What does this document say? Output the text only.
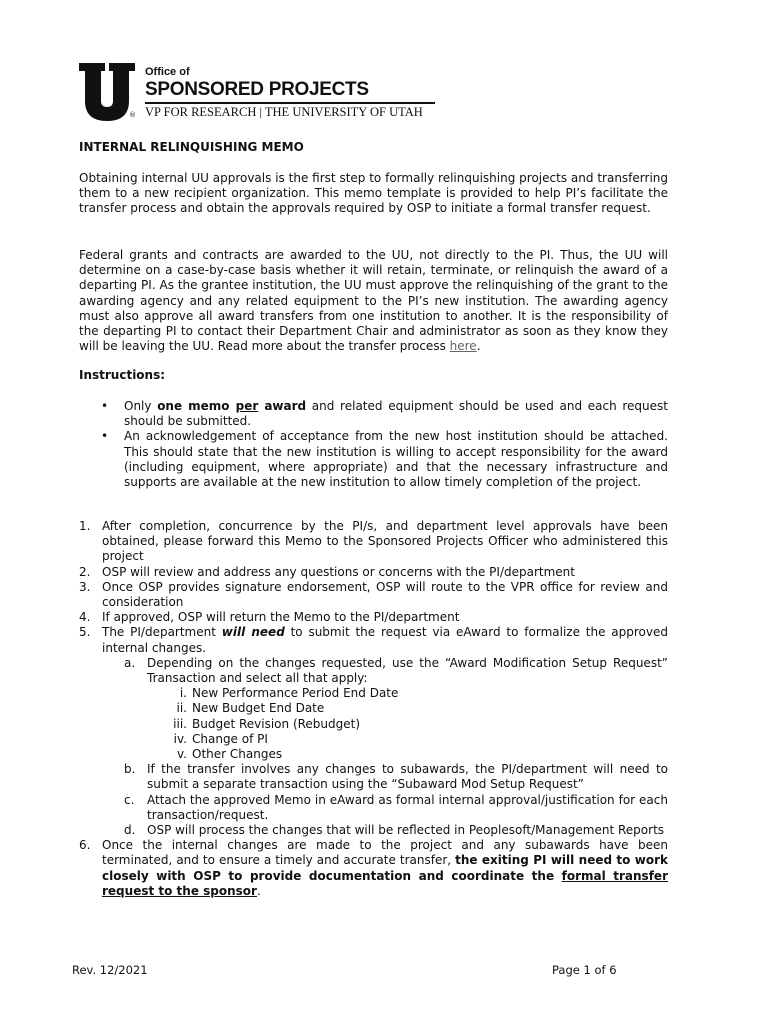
®
Office of
SPONSORED PROJECTS
VP FOR RESEARCH | THE UNIVERSITY OF UTAH
INTERNAL RELINQUISHING MEMO
Obtaining internal UU approvals is the first step to formally relinquishing projects and transferring them to a new recipient organization. This memo template is provided to help PI’s facilitate the transfer process and obtain the approvals required by OSP to initiate a formal transfer request.
Federal grants and contracts are awarded to the UU, not directly to the PI. Thus, the UU will determine on a case-by-case basis whether it will retain, terminate, or relinquish the award of a departing PI. As the grantee institution, the UU must approve the relinquishing of the grant to the awarding agency and any related equipment to the PI’s new institution. The awarding agency must also approve all award transfers from one institution to another. It is the responsibility of the departing PI to contact their Department Chair and administrator as soon as they know they will be leaving the UU. Read more about the transfer process here.
Instructions:
• Only one memo per award and related equipment should be used and each request should be submitted.
• An acknowledgement of acceptance from the new host institution should be attached. This should state that the new institution is willing to accept responsibility for the award (including equipment, where appropriate) and that the necessary infrastructure and supports are available at the new institution to allow timely completion of the project.
1. After completion, concurrence by the PI/s, and department level approvals have been obtained, please forward this Memo to the Sponsored Projects Officer who administered this project
2. OSP will review and address any questions or concerns with the PI/department
3. Once OSP provides signature endorsement, OSP will route to the VPR office for review and consideration
4. If approved, OSP will return the Memo to the PI/department
5. The PI/department will need to submit the request via eAward to formalize the approved internal changes.
a. Depending on the changes requested, use the “Award Modification Setup Request” Transaction and select all that apply:
i. New Performance Period End Date
ii. New Budget End Date
iii. Budget Revision (Rebudget)
iv. Change of PI
v. Other Changes
b. If the transfer involves any changes to subawards, the PI/department will need to submit a separate transaction using the “Subaward Mod Setup Request”
c. Attach the approved Memo in eAward as formal internal approval/justification for each transaction/request.
d. OSP will process the changes that will be reflected in Peoplesoft/Management Reports
6. Once the internal changes are made to the project and any subawards have been terminated, and to ensure a timely and accurate transfer, the exiting PI will need to work closely with OSP to provide documentation and coordinate the formal transfer request to the sponsor.
Rev. 12/2021	Page 1 of 6
